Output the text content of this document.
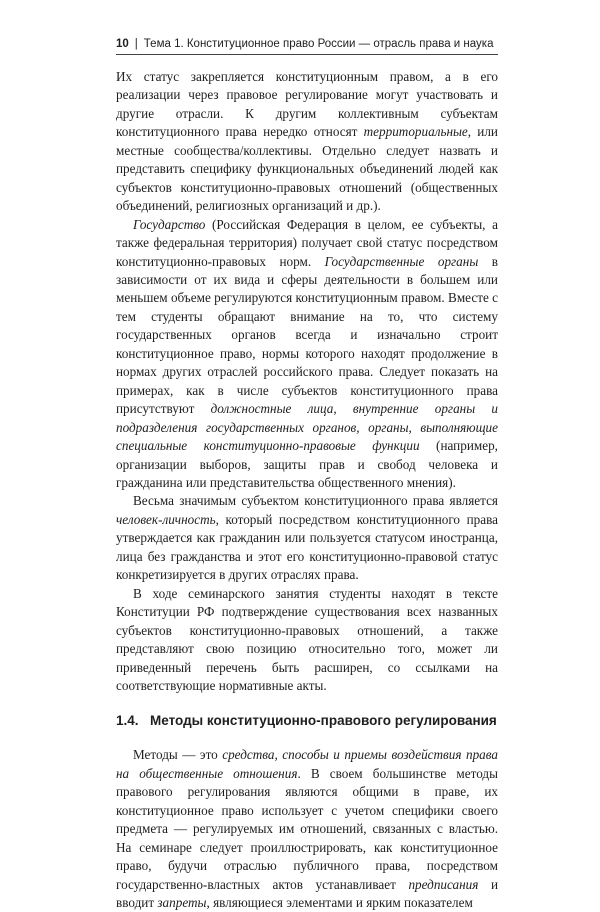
10 | Тема 1. Конституционное право России — отрасль права и наука

Их статус закрепляется конституционным правом, а в его реализации через правовое регулирование могут участвовать и другие отрасли. К другим коллективным субъектам конституционного права нередко относят территориальные, или местные сообщества/коллективы. Отдельно следует назвать и представить специфику функциональных объединений людей как субъектов конституционно-правовых отношений (общественных объединений, религиозных организаций и др.).

Государство (Российская Федерация в целом, ее субъекты, а также федеральная территория) получает свой статус посредством конституционно-правовых норм. Государственные органы в зависимости от их вида и сферы деятельности в большем или меньшем объеме регулируются конституционным правом. Вместе с тем студенты обращают внимание на то, что систему государственных органов всегда и изначально строит конституционное право, нормы которого находят продолжение в нормах других отраслей российского права. Следует показать на примерах, как в числе субъектов конституционного права присутствуют должностные лица, внутренние органы и подразделения государственных органов, органы, выполняющие специальные конституционно-правовые функции (например, организации выборов, защиты прав и свобод человека и гражданина или представительства общественного мнения).

Весьма значимым субъектом конституционного права является человек-личность, который посредством конституционного права утверждается как гражданин или пользуется статусом иностранца, лица без гражданства и этот его конституционно-правовой статус конкретизируется в других отраслях права.

В ходе семинарского занятия студенты находят в тексте Конституции РФ подтверждение существования всех названных субъектов конституционно-правовых отношений, а также представляют свою позицию относительно того, может ли приведенный перечень быть расширен, со ссылками на соответствующие нормативные акты.

1.4. Методы конституционно-правового регулирования

Методы — это средства, способы и приемы воздействия права на общественные отношения. В своем большинстве методы правового регулирования являются общими в праве, их конституционное право использует с учетом специфики своего предмета — регулируемых им отношений, связанных с властью. На семинаре следует проиллюстрировать, как конституционное право, будучи отраслью публичного права, посредством государственно-властных актов устанавливает предписания и вводит запреты, являющиеся элементами и ярким показателем
